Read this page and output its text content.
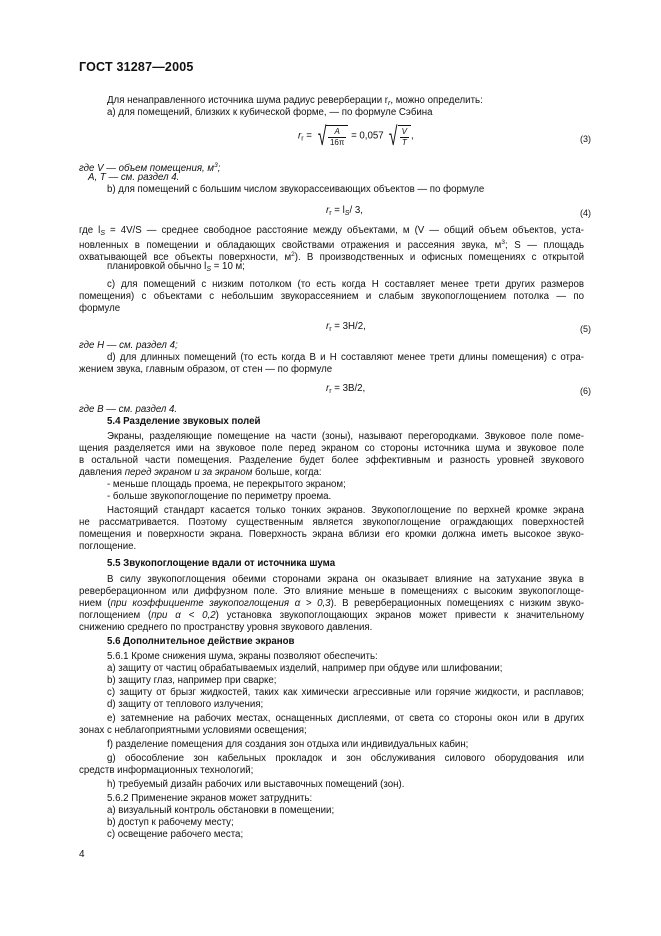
ГОСТ 31287—2005
Для ненаправленного источника шума радиус реверберации $r_r$, можно определить:
a) для помещений, близких к кубической форме, — по формуле Сэбина
$r_r$ = √ $\frac{A}{16\pi} = 0,057$ √ $\frac{V}{T}$ ,	(3)
где V — объем помещения, $м^3$;
A, T — см. раздел 4.
b) для помещений с большим числом звукорассеивающих объектов — по формуле
$r_r = l_S/$ 3,	(4)
где $l_S = 4V/S$ — среднее свободное расстояние между объектами, м (V — общий объем объектов, уста-
новленных в помещении и обладающих свойствами отражения и рассеяния звука, $м^3$; S — площадь
охватывающей все объекты поверхности, $м^2$). В производственных и офисных помещениях с открытой
планировкой обычно $l_S = 10$ м;
c) для помещений с низким потолком (то есть когда H составляет менее трети других размеров
помещения) с объектами с небольшим звукорассеянием и слабым звукопоглощением потолка — по
формуле
$r_r = 3H/2$,	(5)
где H — см. раздел 4;
d) для длинных помещений (то есть когда B и H составляют менее трети длины помещения) с отра-
жением звука, главным образом, от стен — по формуле
$r_r = 3B/2$,	(6)
где B — см. раздел 4.
5.4 Разделение звуковых полей
Экраны, разделяющие помещение на части (зоны), называют перегородками. Звуковое поле поме-
щения разделяется ими на звуковое поле перед экраном со стороны источника шума и звуковое поле
в остальной части помещения. Разделение будет более эффективным и разность уровней звукового
давления перед экраном и за экраном больше, когда:
- меньше площадь проема, не перекрытого экраном;
- больше звукопоглощение по периметру проема.
Настоящий стандарт касается только тонких экранов. Звукопоглощение по верхней кромке экрана
не рассматривается. Поэтому существенным является звукопоглощение ограждающих поверхностей
помещения и поверхности экрана. Поверхность экрана вблизи его кромки должна иметь высокое звуко-
поглощение.
5.5 Звукопоглощение вдали от источника шума
В силу звукопоглощения обеими сторонами экрана он оказывает влияние на затухание звука в
реверберационном или диффузном поле. Это влияние меньше в помещениях с высоким звукопоглоще-
нием (при коэффициенте звукопоглощения α > 0,3). В реверберационных помещениях с низким звуко-
поглощением (при α < 0,2) установка звукопоглощающих экранов может привести к значительному
снижению среднего по пространству уровня звукового давления.
5.6 Дополнительное действие экранов
5.6.1 Кроме снижения шума, экраны позволяют обеспечить:
a) защиту от частиц обрабатываемых изделий, например при обдуве или шлифовании;
b) защиту глаз, например при сварке;
c) защиту от брызг жидкостей, таких как химически агрессивные или горячие жидкости, и расплавов;
d) защиту от теплового излучения;
e) затемнение на рабочих местах, оснащенных дисплеями, от света со стороны окон или в других
зонах с неблагоприятными условиями освещения;
f) разделение помещения для создания зон отдыха или индивидуальных кабин;
g) обособление зон кабельных прокладок и зон обслуживания силового оборудования или
средств информационных технологий;
h) требуемый дизайн рабочих или выставочных помещений (зон).
5.6.2 Применение экранов может затруднить:
a) визуальный контроль обстановки в помещении;
b) доступ к рабочему месту;
c) освещение рабочего места;
4
